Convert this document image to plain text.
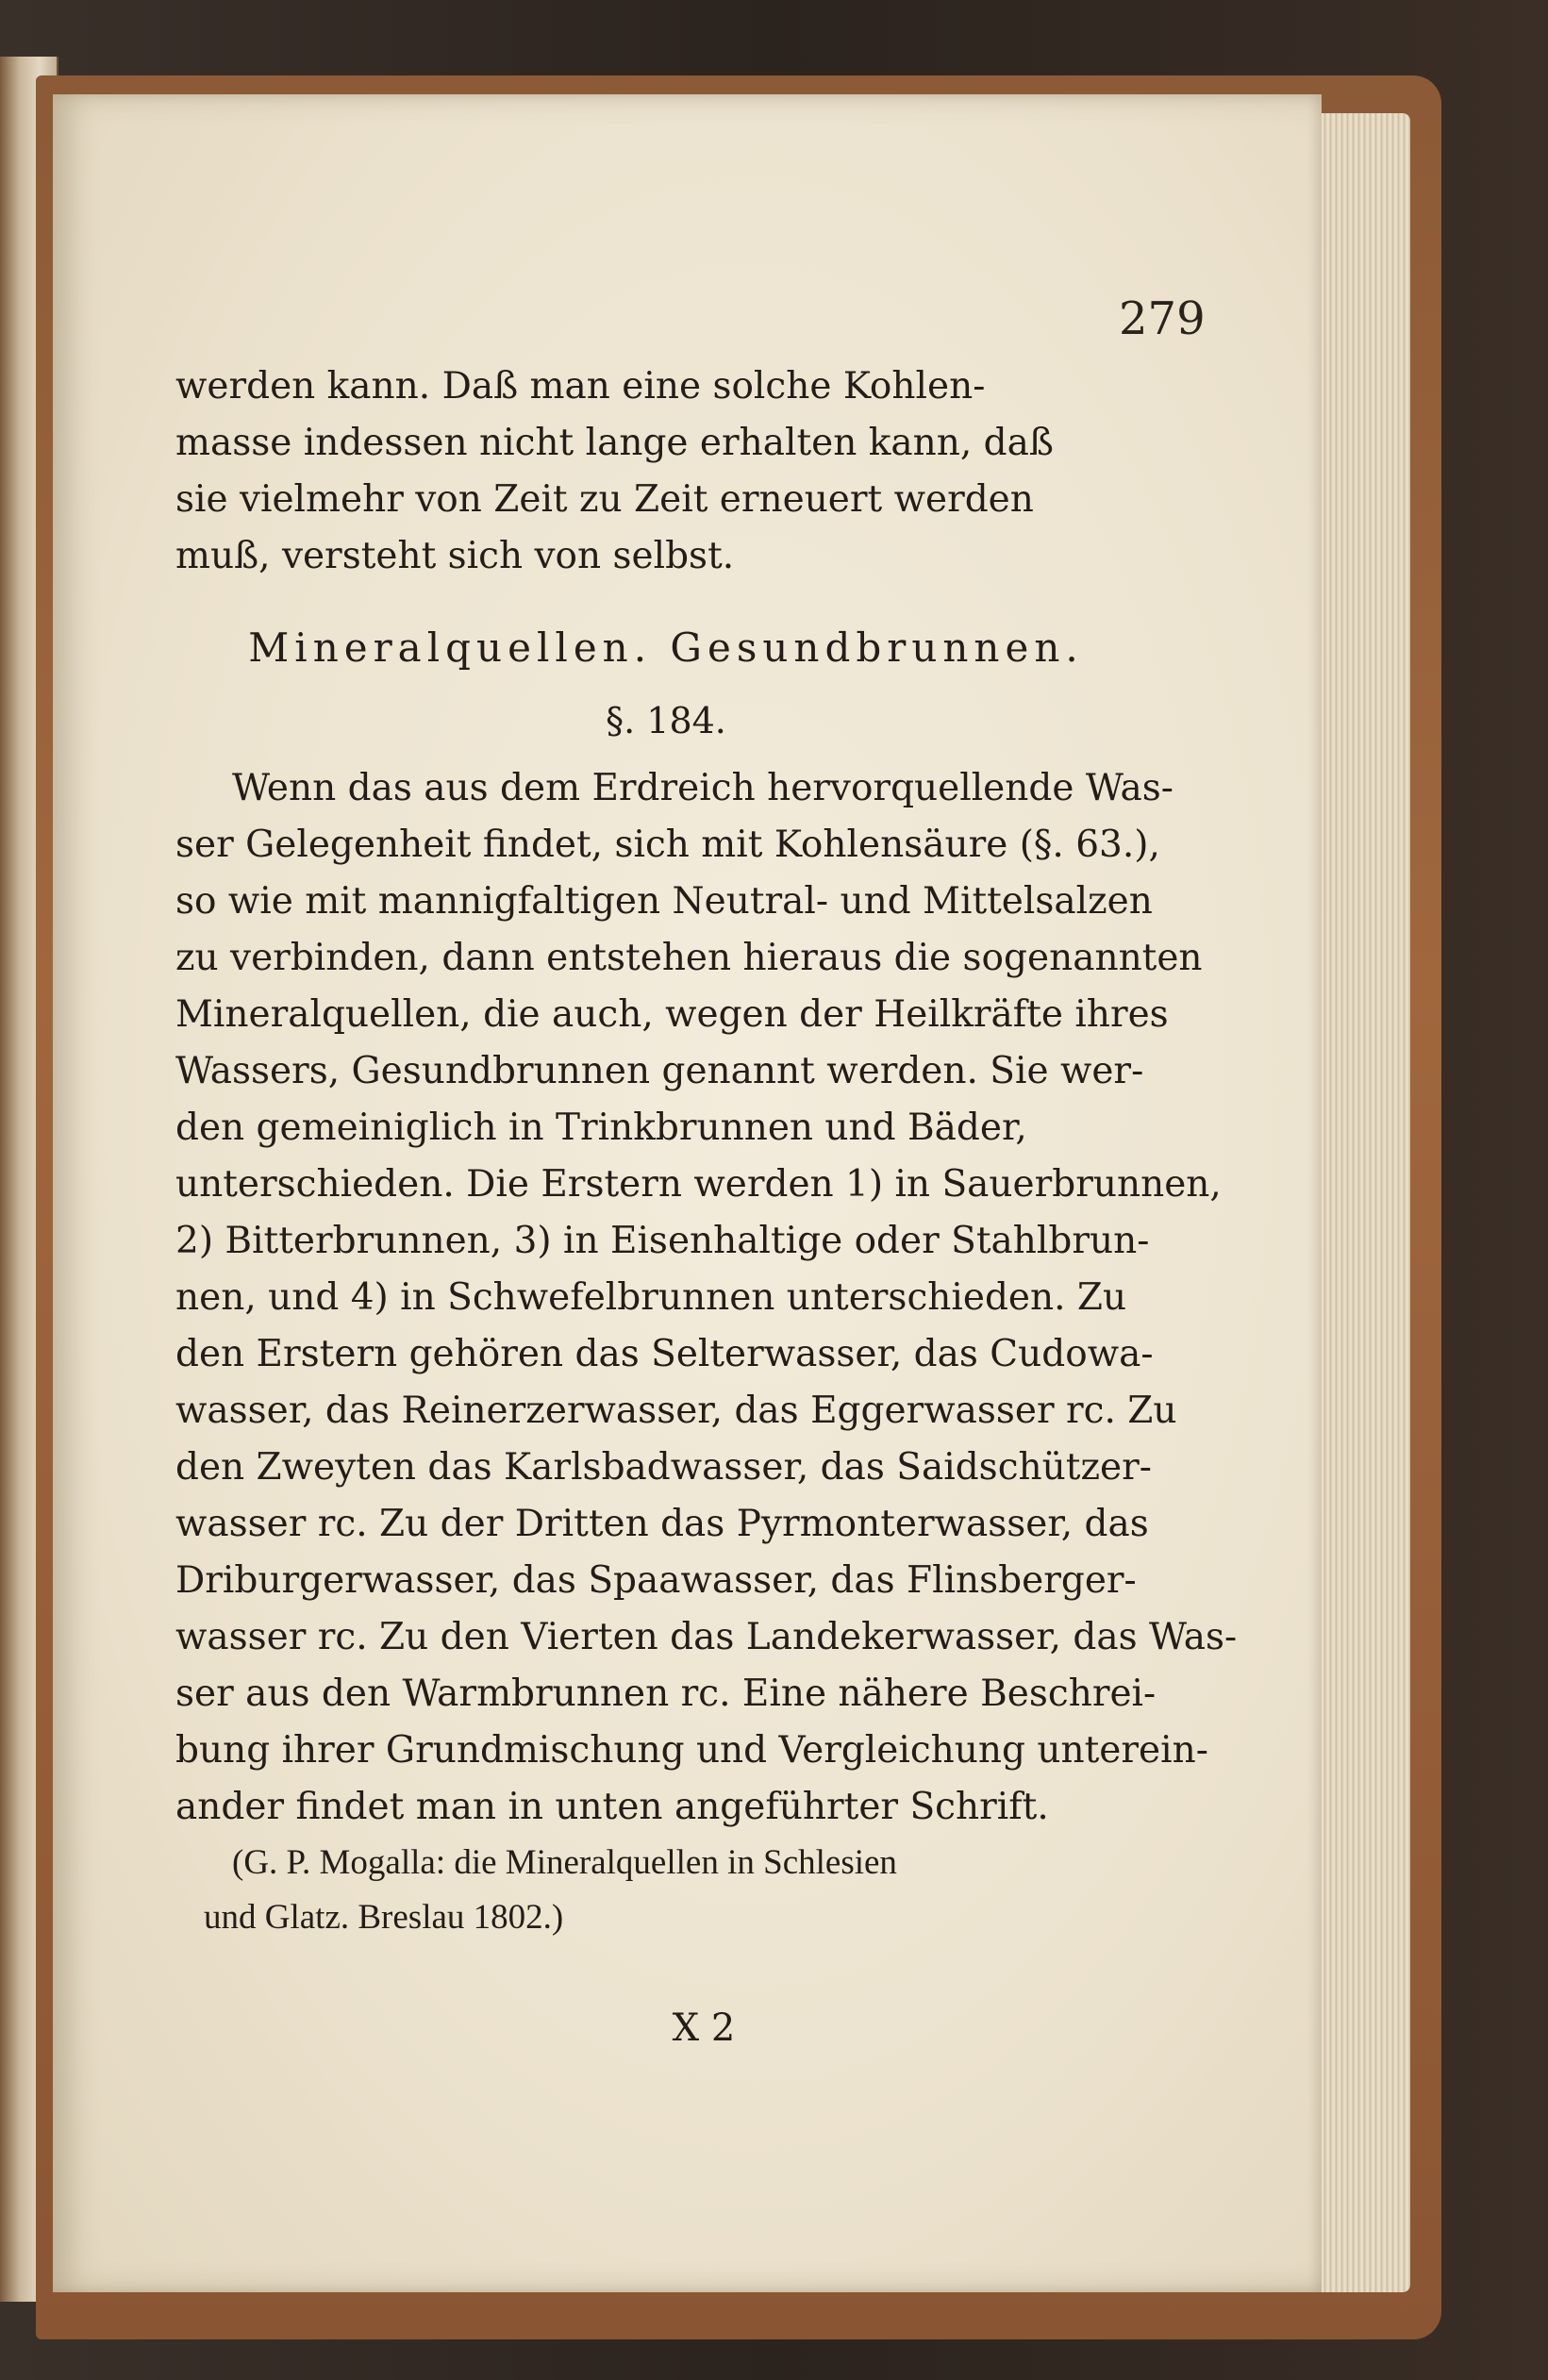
279
werden kann. Daß man eine solche Kohlen-
masse indessen nicht lange erhalten kann, daß
sie vielmehr von Zeit zu Zeit erneuert werden
muß, versteht sich von selbst.
Mineralquellen. Gesundbrunnen.
§. 184.
Wenn das aus dem Erdreich hervorquellende Was-
ser Gelegenheit findet, sich mit Kohlensäure (§. 63.),
so wie mit mannigfaltigen Neutral- und Mittelsalzen
zu verbinden, dann entstehen hieraus die sogenannten
Mineralquellen, die auch, wegen der Heilkräfte ihres
Wassers, Gesundbrunnen genannt werden. Sie wer-
den gemeiniglich in Trinkbrunnen und Bäder,
unterschieden. Die Erstern werden 1) in Sauerbrunnen,
2) Bitterbrunnen, 3) in Eisenhaltige oder Stahlbrun-
nen, und 4) in Schwefelbrunnen unterschieden. Zu
den Erstern gehören das Selterwasser, das Cudowa-
wasser, das Reinerzerwasser, das Eggerwasser rc. Zu
den Zweyten das Karlsbadwasser, das Saidschützer-
wasser rc. Zu der Dritten das Pyrmonterwasser, das
Driburgerwasser, das Spaawasser, das Flinsberger-
wasser rc. Zu den Vierten das Landekerwasser, das Was-
ser aus den Warmbrunnen rc. Eine nähere Beschrei-
bung ihrer Grundmischung und Vergleichung unterein-
ander findet man in unten angeführter Schrift.
(G. P. Mogalla: die Mineralquellen in Schlesien
und Glatz. Breslau 1802.)
X 2
